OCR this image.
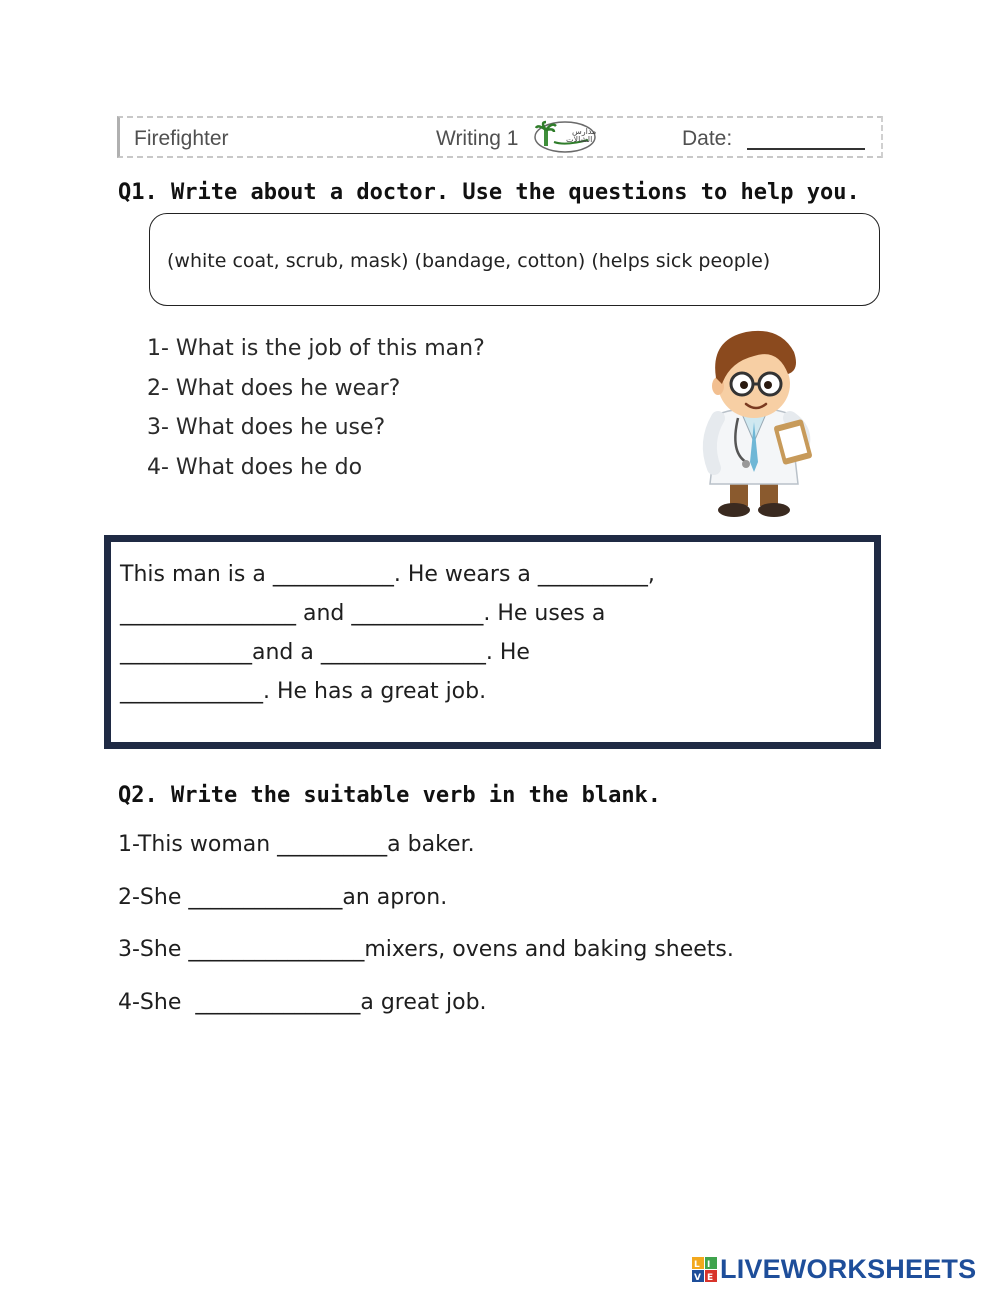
Firefighter	Writing 1	مدارس
الشالات	Date:
Q1. Write about a doctor. Use the questions to help you.
(white coat, scrub, mask) (bandage, cotton) (helps sick people)
1- What is the job of this man?
2- What does he wear?
3- What does he use?
4- What does he do
This man is a ___________. He wears a __________,
________________ and ____________. He uses a
____________and a _______________. He
_____________. He has a great job.
Q2. Write the suitable verb in the blank.
1-This woman __________a baker.
2-She ______________an apron.
3-She ________________mixers, ovens and baking sheets.
4-She  _______________a great job.
L I
V E LIVEWORKSHEETS
